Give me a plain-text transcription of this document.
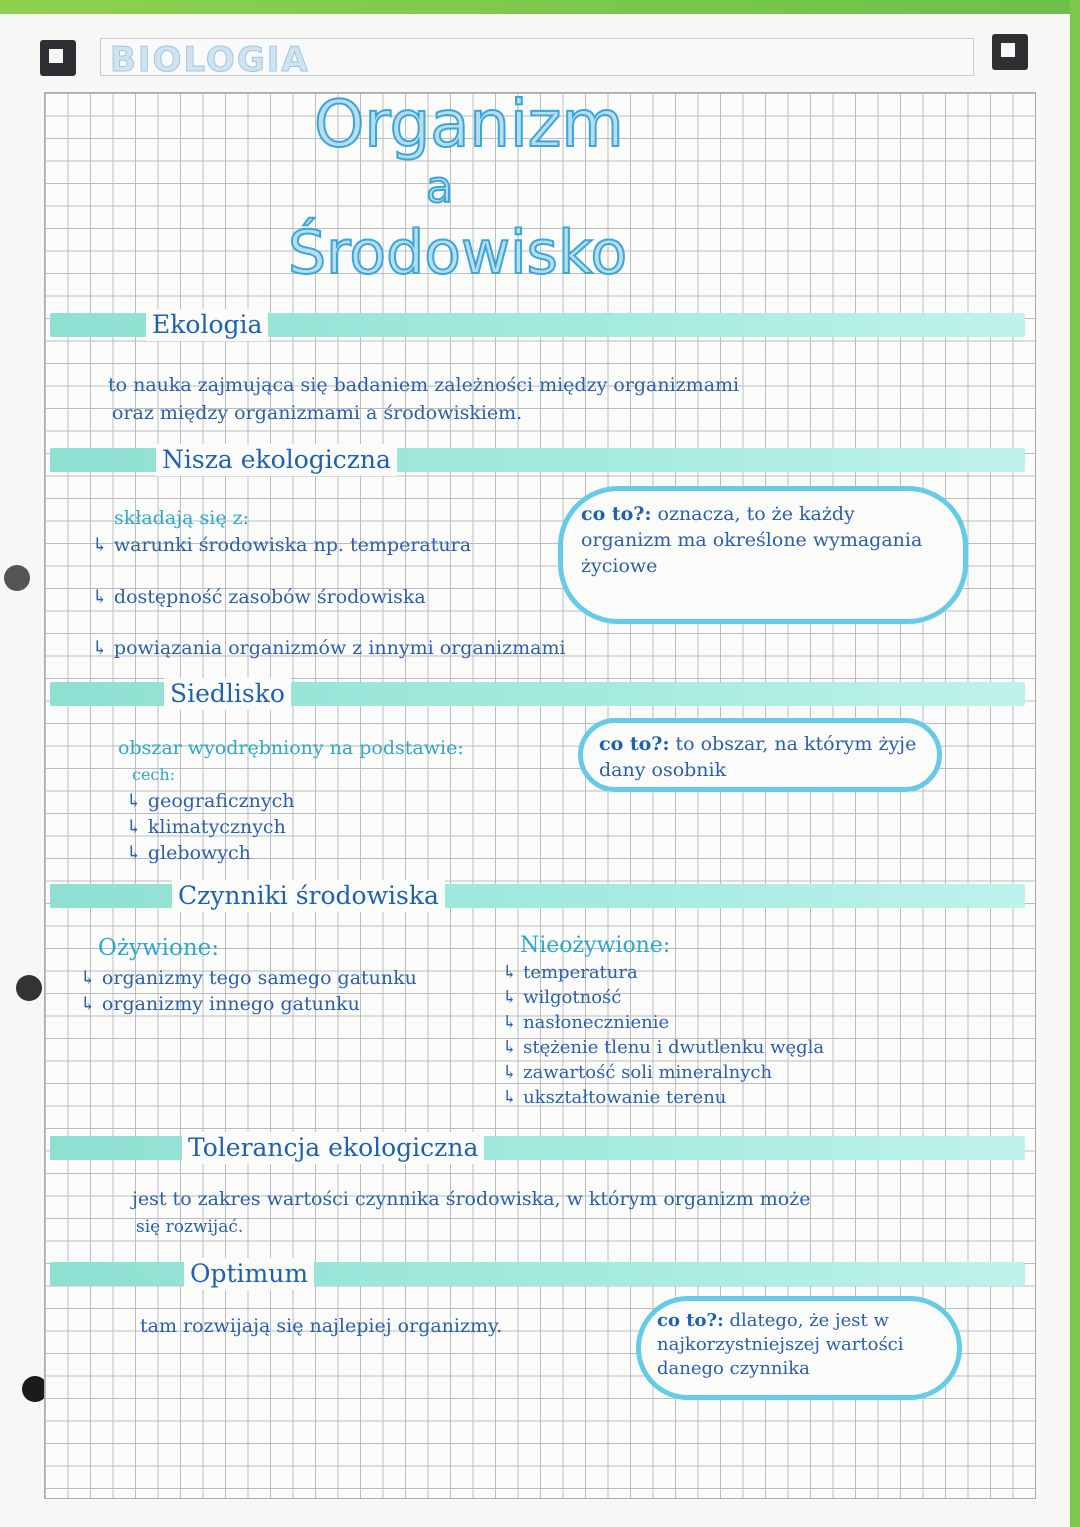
BIOLOGIA
Organizm
a
Środowisko
Ekologia
to nauka zajmująca się badaniem zależności między organizmami
oraz między organizmami a środowiskiem.
Nisza ekologiczna
składają się z:
↳ warunki środowiska np. temperatura
↳ dostępność zasobów środowiska
↳ powiązania organizmów z innymi organizmami
co to?: oznacza, to że każdy organizm ma określone wymagania życiowe
Siedlisko
obszar wyodrębniony na podstawie:
cech:
↳ geograficznych
↳ klimatycznych
↳ glebowych
co to?: to obszar, na którym żyje dany osobnik
Czynniki środowiska
Ożywione:
↳ organizmy tego samego gatunku
↳ organizmy innego gatunku
Nieożywione:
↳ temperatura
↳ wilgotność
↳ nasłonecznienie
↳ stężenie tlenu i dwutlenku węgla
↳ zawartość soli mineralnych
↳ ukształtowanie terenu
Tolerancja ekologiczna
jest to zakres wartości czynnika środowiska, w którym organizm może
się rozwijać.
Optimum
tam rozwijają się najlepiej organizmy.	co to?: dlatego, że jest w najkorzystniejszej wartości danego czynnika
